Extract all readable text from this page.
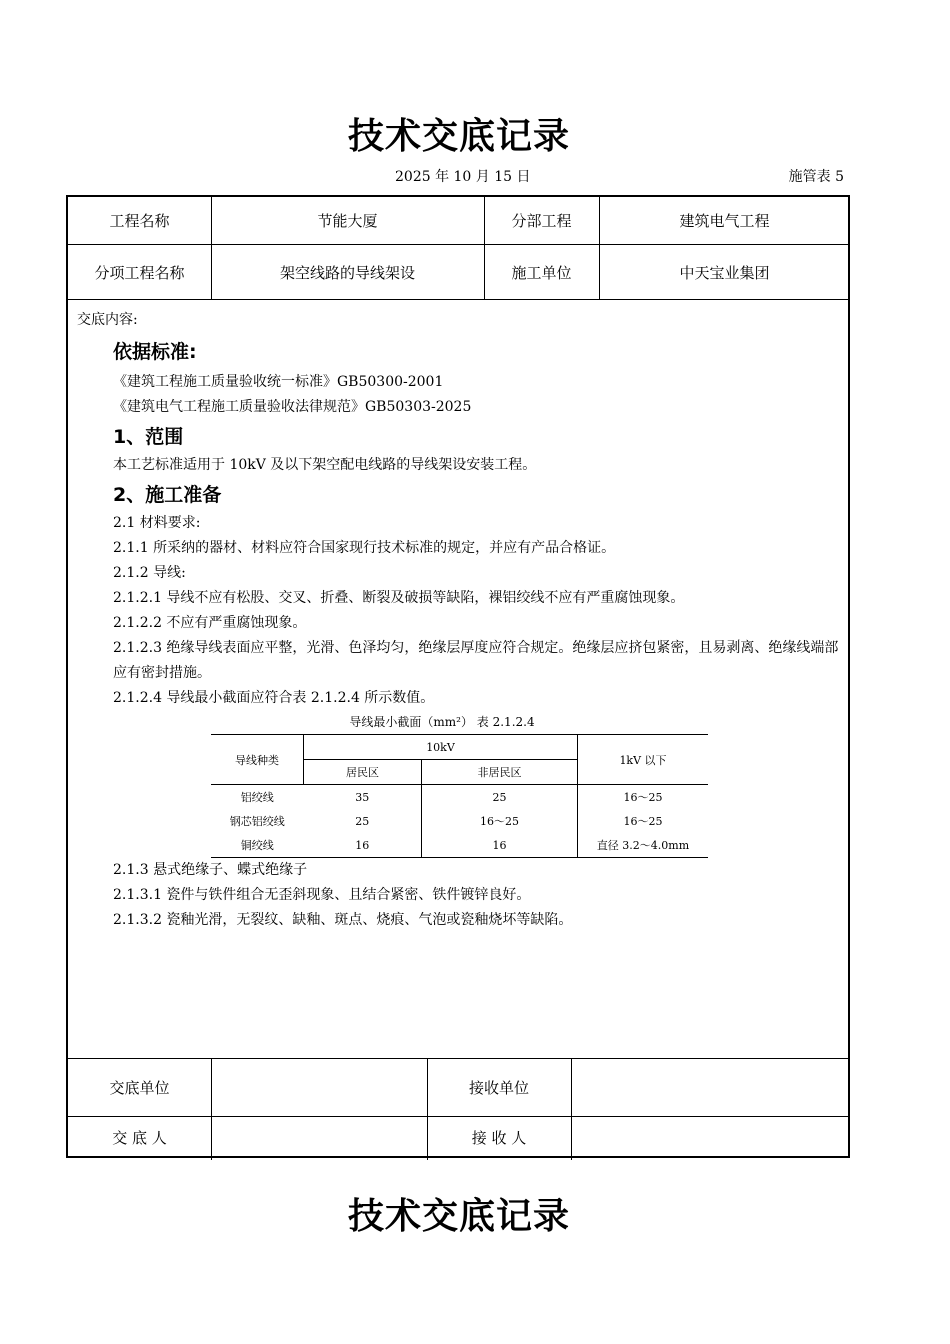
技术交底记录
2025 年 10 月 15 日	施管表 5
工程名称	节能大厦	分部工程	建筑电气工程
分项工程名称	架空线路的导线架设	施工单位	中天宝业集团
交底内容:
依据标准:

《建筑工程施工质量验收统一标准》GB50300-2001

《建筑电气工程施工质量验收法律规范》GB50303-2025

1、范围

本工艺标准适用于 10kV 及以下架空配电线路的导线架设安装工程。

2、施工准备

2.1 材料要求:

2.1.1 所采纳的器材、材料应符合国家现行技术标准的规定，并应有产品合格证。

2.1.2 导线:

2.1.2.1 导线不应有松股、交叉、折叠、断裂及破损等缺陷，裸铝绞线不应有严重腐蚀现象。

2.1.2.2 不应有严重腐蚀现象。

2.1.2.3 绝缘导线表面应平整，光滑、色泽均匀，绝缘层厚度应符合规定。绝缘层应挤包紧密，且易剥离、绝缘线端部应有密封措施。

2.1.2.4 导线最小截面应符合表 2.1.2.4 所示数值。

导线最小截面（mm²） 表 2.1.2.4
导线种类	10kV		1kV 以下
	居民区	非居民区	
铝绞线	35	25	16～25
钢芯铝绞线	25	16～25	16～25
铜绞线	16	16	直径 3.2～4.0mm

2.1.3 悬式绝缘子、蝶式绝缘子

2.1.3.1 瓷件与铁件组合无歪斜现象、且结合紧密、铁件镀锌良好。

2.1.3.2 瓷釉光滑，无裂纹、缺釉、斑点、烧痕、气泡或瓷釉烧坏等缺陷。

交底单位	接收单位
交 底 人	接 收 人
技术交底记录
